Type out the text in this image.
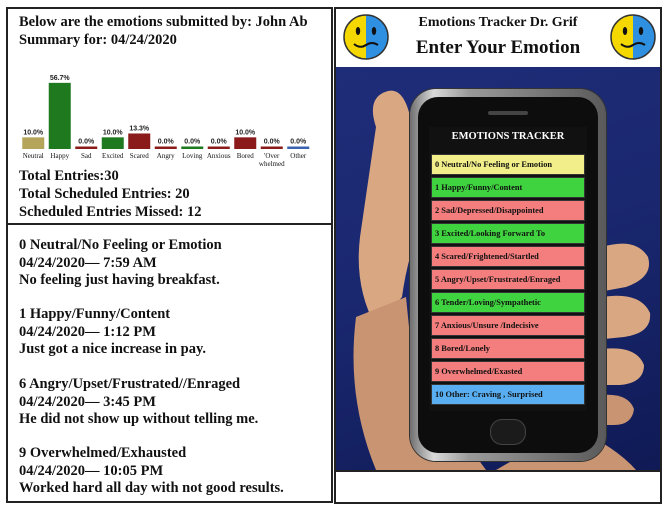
Below are the emotions submitted by: John Ab
Summary for: 04/24/2020
10.0%
Neutral
56.7%
Happy
0.0%
Sad
10.0%
Excited
13.3%
Scared
0.0%
Angry
0.0%
Loving
0.0%
Anxious
10.0%
Bored
0.0%
'Over
whelmed
0.0%
Other
Total Entries:30
Total Scheduled Entries: 20
Scheduled Entries Missed: 12
0 Neutral/No Feeling or Emotion
04/24/2020— 7:59 AM
No feeling just having breakfast.
1 Happy/Funny/Content
04/24/2020— 1:12 PM
Just got a nice increase in pay.
6 Angry/Upset/Frustrated//Enraged
04/24/2020— 3:45 PM
He did not show up without telling me.
9 Overwhelmed/Exhausted
04/24/2020— 10:05 PM
Worked hard all day with not good results.
Emotions Tracker Dr. Grif
Enter Your Emotion
EMOTIONS TRACKER
0 Neutral/No Feeling or Emotion
1 Happy/Funny/Content
2 Sad/Depressed/Disappointed
3 Excited/Looking Forward To
4 Scared/Frightened/Startled
5 Angry/Upset/Frustrated/Enraged
6 Tender/Loving/Sympathetic
7 Anxious/Unsure /Indecisive
8 Bored/Lonely
9 Overwhelmed/Exasted
10 Other: Craving , Surprised
